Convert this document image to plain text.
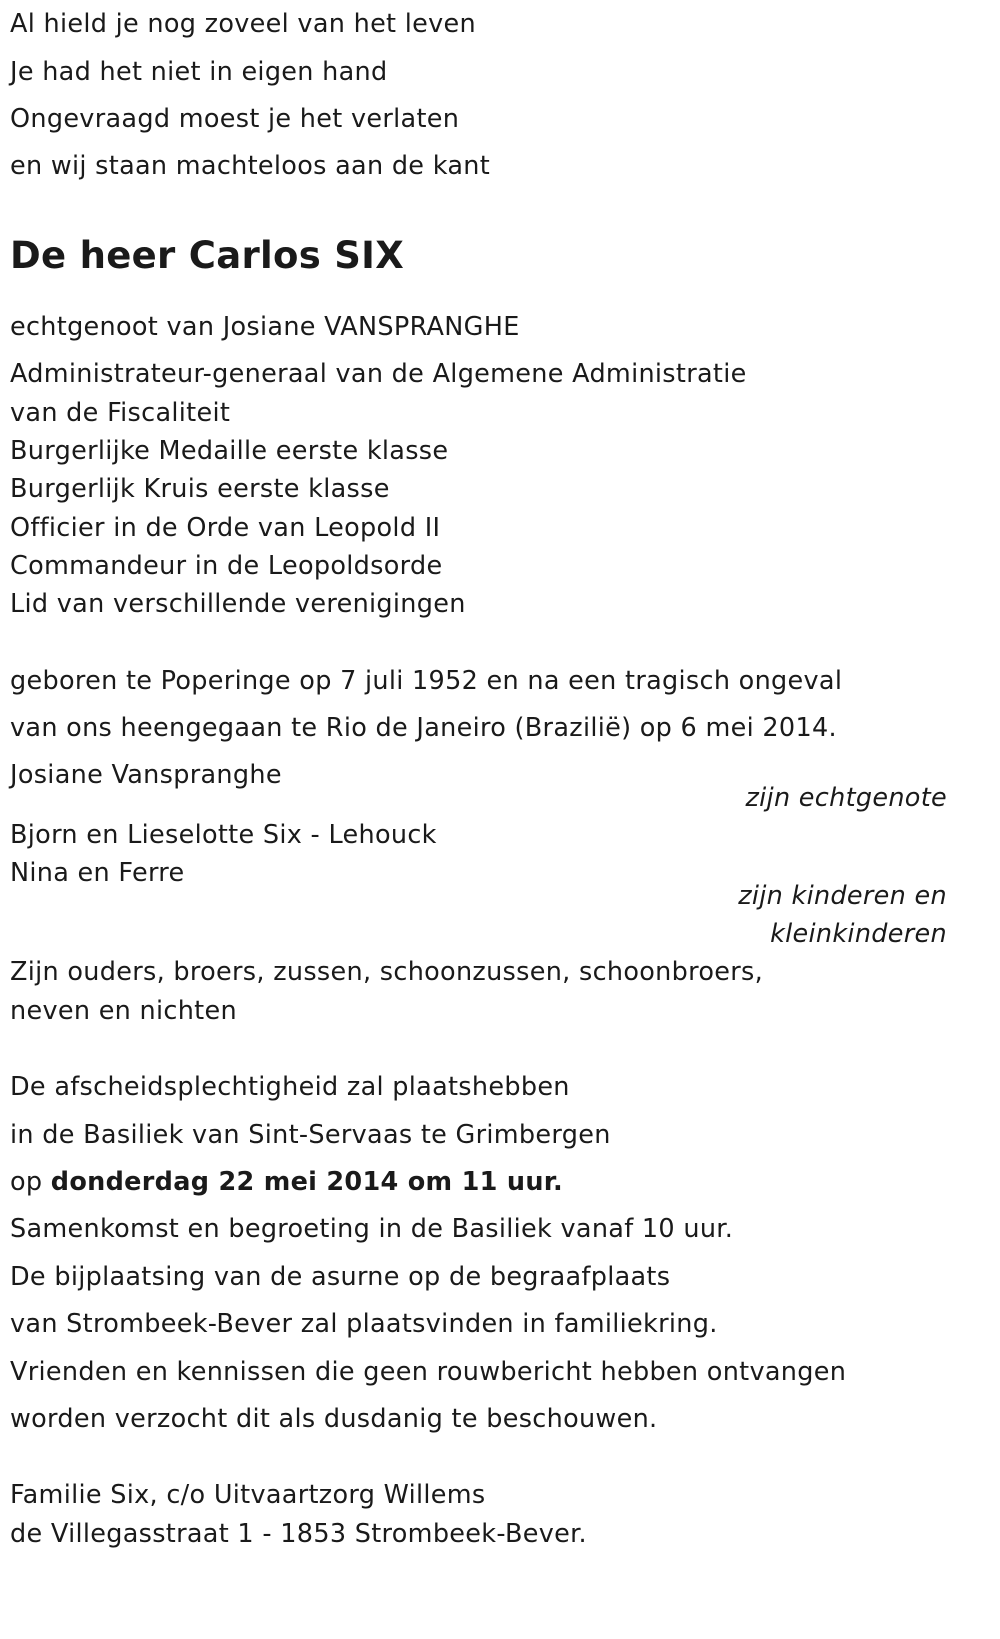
Al hield je nog zoveel van het leven
Je had het niet in eigen hand
Ongevraagd moest je het verlaten
en wij staan machteloos aan de kant
De heer Carlos SIX
echtgenoot van Josiane VANSPRANGHE
Administrateur-generaal van de Algemene Administratie
van de Fiscaliteit
Burgerlijke Medaille eerste klasse
Burgerlijk Kruis eerste klasse
Officier in de Orde van Leopold II
Commandeur in de Leopoldsorde
Lid van verschillende verenigingen
geboren te Poperinge op 7 juli 1952 en na een tragisch ongeval
van ons heengegaan te Rio de Janeiro (Brazilië) op 6 mei 2014.
Josiane Vanspranghe
zijn echtgenote
Bjorn en Lieselotte Six - Lehouck
Nina en Ferre
zijn kinderen en
kleinkinderen
Zijn ouders, broers, zussen, schoonzussen, schoonbroers,
neven en nichten
De afscheidsplechtigheid zal plaatshebben
in de Basiliek van Sint-Servaas te Grimbergen
op donderdag 22 mei 2014 om 11 uur.
Samenkomst en begroeting in de Basiliek vanaf 10 uur.
De bijplaatsing van de asurne op de begraafplaats
van Strombeek-Bever zal plaatsvinden in familiekring.
Vrienden en kennissen die geen rouwbericht hebben ontvangen
worden verzocht dit als dusdanig te beschouwen.
Familie Six, c/o Uitvaartzorg Willems
de Villegasstraat 1 - 1853 Strombeek-Bever.
